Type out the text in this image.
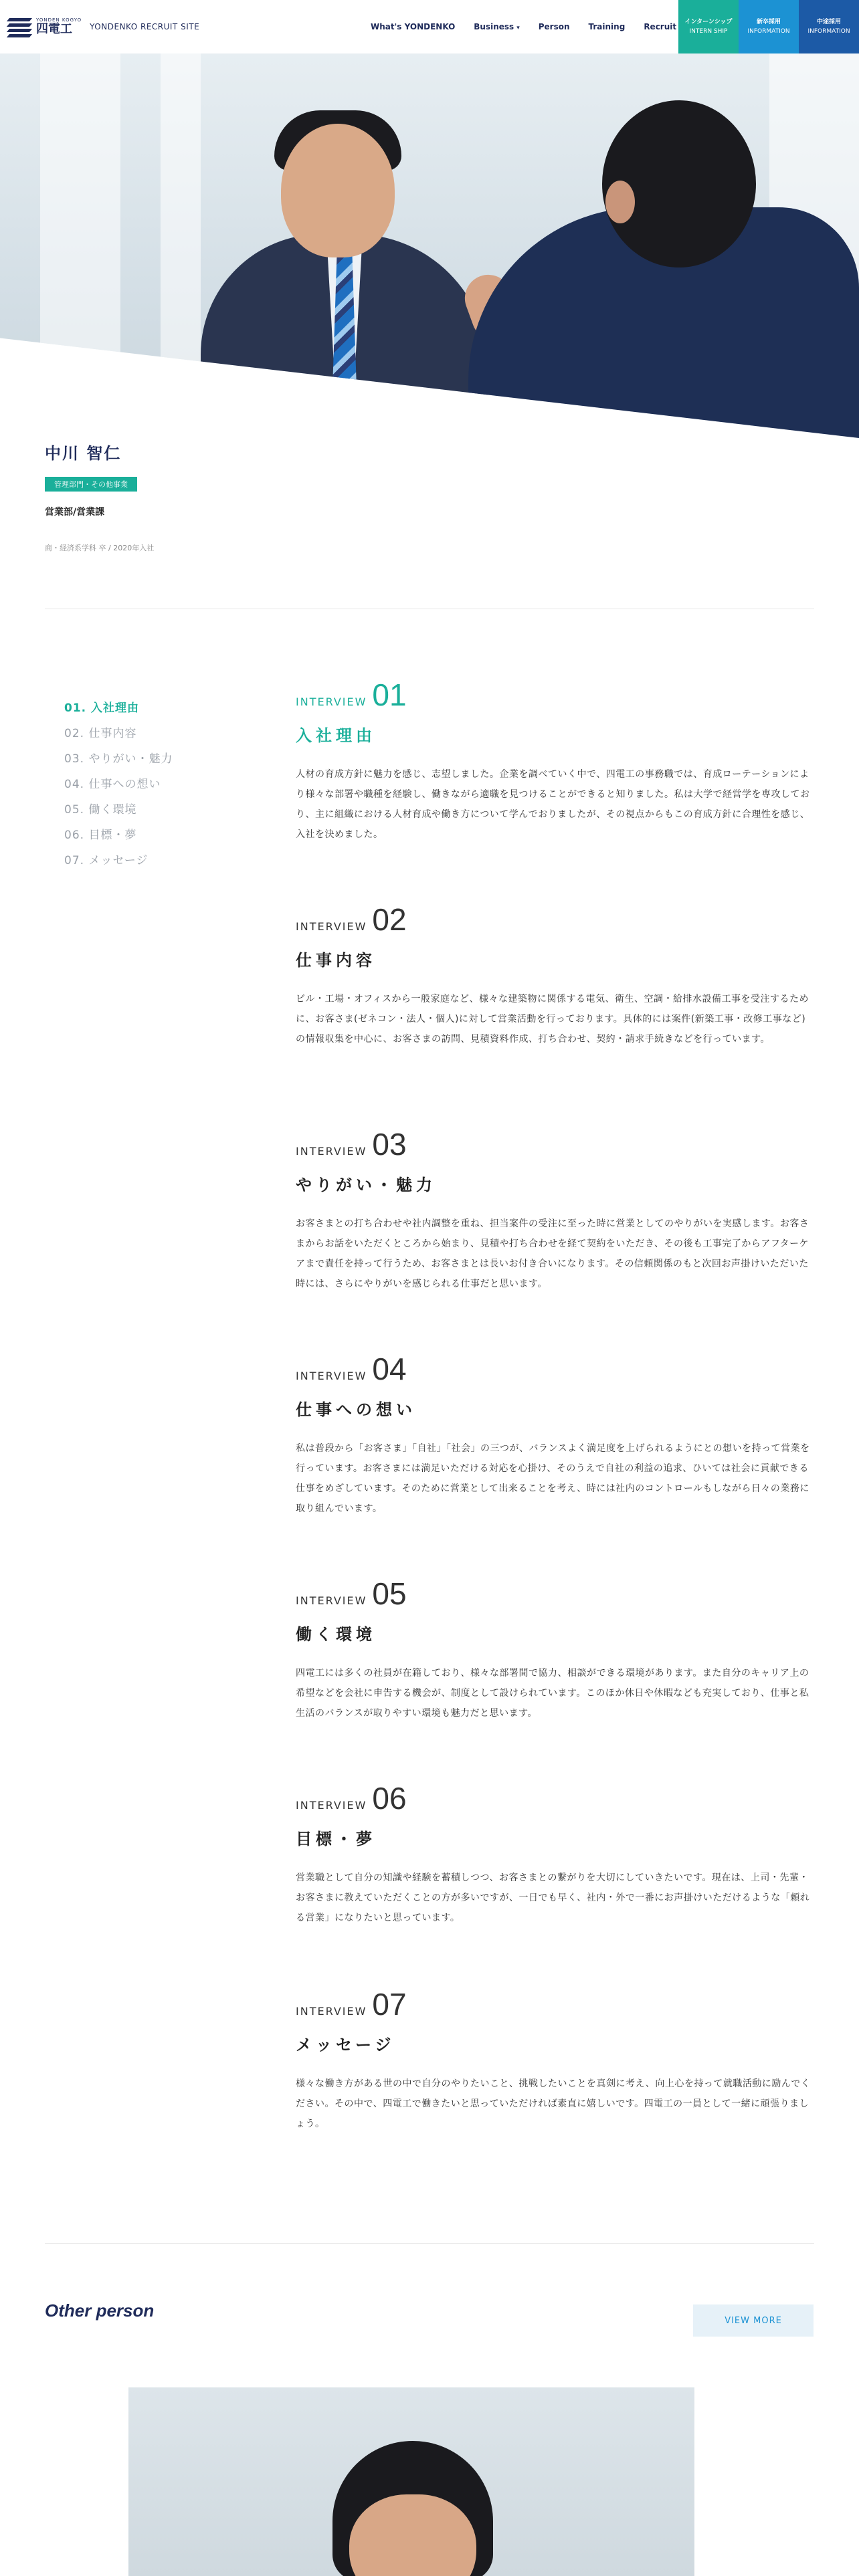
YONDEN KOGYO
四電工	YONDENKO RECRUIT SITE	What's YONDENKO Business ▾ Person Training Recruit	インターンシップ
INTERN SHIP
新卒採用
INFORMATION
中途採用
INFORMATION
中川 智仁
管理部門・その他事業
営業部/営業課
商・経済系学科 卒 / 2020年入社
01. 入社理由
02. 仕事内容
03. やりがい・魅力
04. 仕事への想い
05. 働く環境
06. 目標・夢
07. メッセージ
INTERVIEW 01
入社理由

人材の育成方針に魅力を感じ、志望しました。企業を調べていく中で、四電工の事務職では、育成ローテーションにより様々な部署や職種を経験し、働きながら適職を見つけることができると知りました。私は大学で経営学を専攻しており、主に組織における人材育成や働き方について学んでおりましたが、その視点からもこの育成方針に合理性を感じ、入社を決めました。

INTERVIEW 02
仕事内容

ビル・工場・オフィスから一般家庭など、様々な建築物に関係する電気、衛生、空調・給排水設備工事を受注するために、お客さま(ゼネコン・法人・個人)に対して営業活動を行っております。具体的には案件(新築工事・改修工事など)の情報収集を中心に、お客さまの訪問、見積資料作成、打ち合わせ、契約・請求手続きなどを行っています。

INTERVIEW 03
やりがい・魅力

お客さまとの打ち合わせや社内調整を重ね、担当案件の受注に至った時に営業としてのやりがいを実感します。お客さまからお話をいただくところから始まり、見積や打ち合わせを経て契約をいただき、その後も工事完了からアフターケアまで責任を持って行うため、お客さまとは長いお付き合いになります。その信頼関係のもと次回お声掛けいただいた時には、さらにやりがいを感じられる仕事だと思います。

INTERVIEW 04
仕事への想い

私は普段から「お客さま」「自社」「社会」の三つが、バランスよく満足度を上げられるようにとの想いを持って営業を行っています。お客さまには満足いただける対応を心掛け、そのうえで自社の利益の追求、ひいては社会に貢献できる仕事をめざしています。そのために営業として出来ることを考え、時には社内のコントロールもしながら日々の業務に取り組んでいます。

INTERVIEW 05
働く環境

四電工には多くの社員が在籍しており、様々な部署間で協力、相談ができる環境があります。また自分のキャリア上の希望などを会社に申告する機会が、制度として設けられています。このほか休日や休暇なども充実しており、仕事と私生活のバランスが取りやすい環境も魅力だと思います。

INTERVIEW 06
目標・夢

営業職として自分の知識や経験を蓄積しつつ、お客さまとの繋がりを大切にしていきたいです。現在は、上司・先輩・お客さまに教えていただくことの方が多いですが、一日でも早く、社内・外で一番にお声掛けいただけるような「頼れる営業」になりたいと思っています。

INTERVIEW 07
メッセージ

様々な働き方がある世の中で自分のやりたいこと、挑戦したいことを真剣に考え、向上心を持って就職活動に励んでください。その中で、四電工で働きたいと思っていただければ素直に嬉しいです。四電工の一員として一緒に頑張りましょう。

Other person	VIEW MORE
